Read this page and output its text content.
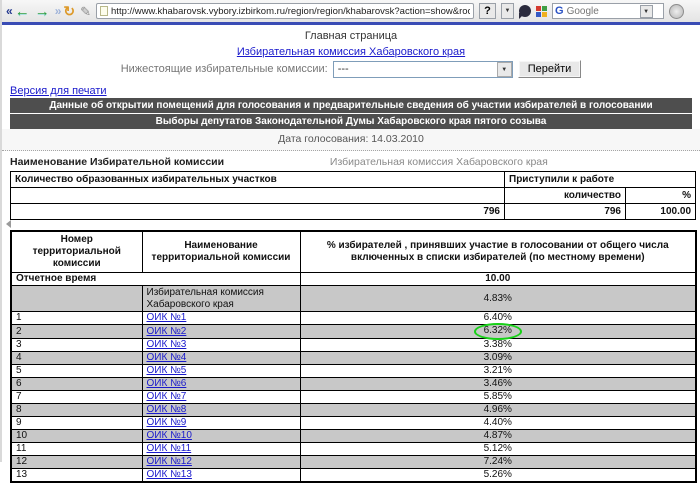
« ← → » ↻ ✎
http://www.khabarovsk.vybory.izbirkom.ru/region/region/khabarovsk?action=show&root=1&tvd=227200	?	▼	G
Google	▼
Главная страница
Избирательная комиссия Хабаровского края
Нижестоящие избирательные комиссии: ---	▼	Перейти
Версия для печати
Данные об открытии помещений для голосования и предварительные сведения об участии избирателей в голосовании
Выборы депутатов Законодательной Думы Хабаровского края пятого созыва
Дата голосования: 14.03.2010
Наименование Избирательной комиссии	Избирательная комиссия Хабаровского края
Количество образованных избирательных участков	Приступили к работе	
	количество	%
796	796	100.00
Номер территориальной комиссии	Наименование территориальной комиссии	% избирателей , принявших участие в голосовании от общего числа включенных в списки избирателей (по местному времени)
Отчетное время		10.00
	Избирательная комиссия Хабаровского края	4.83%
1	ОИК №1	6.40%
2	ОИК №2	6.32%
3	ОИК №3	3.38%
4	ОИК №4	3.09%
5	ОИК №5	3.21%
6	ОИК №6	3.46%
7	ОИК №7	5.85%
8	ОИК №8	4.96%
9	ОИК №9	4.40%
10	ОИК №10	4.87%
11	ОИК №11	5.12%
12	ОИК №12	7.24%
13	ОИК №13	5.26%
